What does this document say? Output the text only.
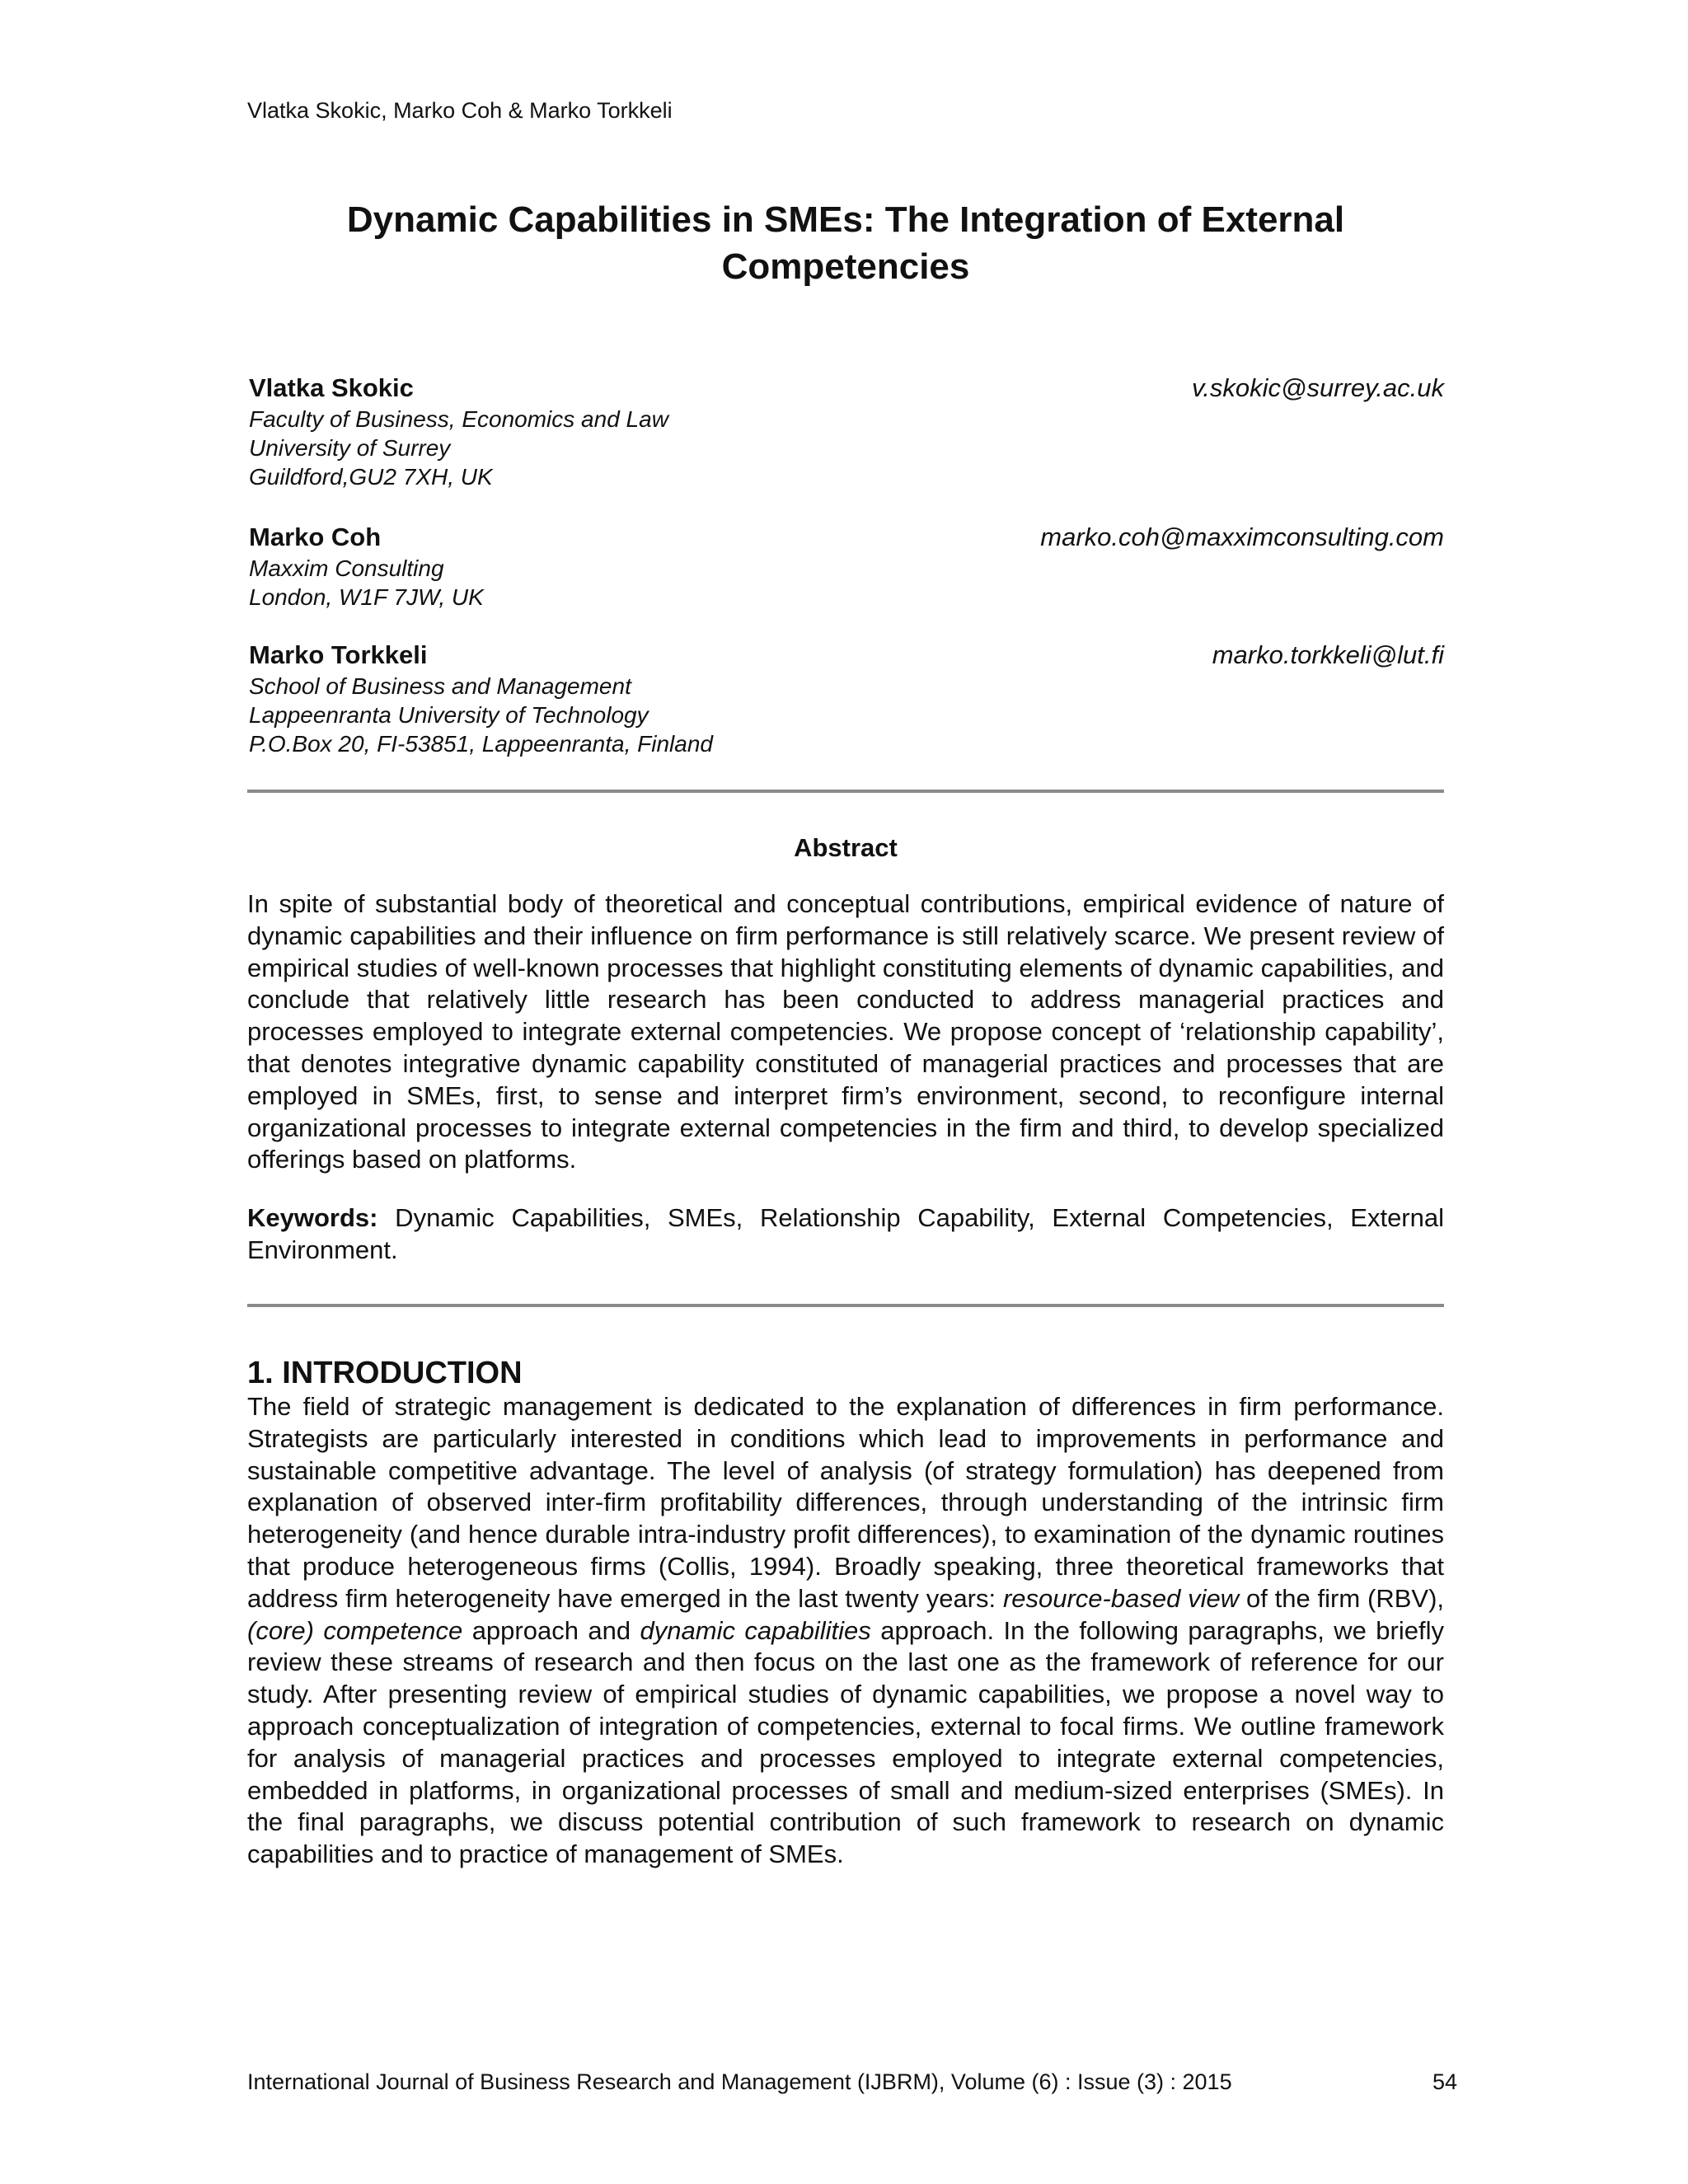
Vlatka Skokic, Marko Coh & Marko Torkkeli
Dynamic Capabilities in SMEs: The Integration of External
Competencies
Vlatka Skokic	v.skokic@surrey.ac.uk
Faculty of Business, Economics and Law
University of Surrey
Guildford,GU2 7XH, UK
Marko Coh	marko.coh@maxximconsulting.com
Maxxim Consulting
London, W1F 7JW, UK
Marko Torkkeli	marko.torkkeli@lut.fi
School of Business and Management
Lappeenranta University of Technology
P.O.Box 20, FI-53851, Lappeenranta, Finland
Abstract
In spite of substantial body of theoretical and conceptual contributions, empirical evidence of nature of dynamic capabilities and their influence on firm performance is still relatively scarce. We present review of empirical studies of well-known processes that highlight constituting elements of dynamic capabilities, and conclude that relatively little research has been conducted to address managerial practices and processes employed to integrate external competencies. We propose concept of ‘relationship capability’, that denotes integrative dynamic capability constituted of managerial practices and processes that are employed in SMEs, first, to sense and interpret firm’s environment, second, to reconfigure internal organizational processes to integrate external competencies in the firm and third, to develop specialized offerings based on platforms.
Keywords: Dynamic Capabilities, SMEs, Relationship Capability, External Competencies, External Environment.
1. INTRODUCTION
The field of strategic management is dedicated to the explanation of differences in firm performance. Strategists are particularly interested in conditions which lead to improvements in performance and sustainable competitive advantage. The level of analysis (of strategy formulation) has deepened from explanation of observed inter-firm profitability differences, through understanding of the intrinsic firm heterogeneity (and hence durable intra-industry profit differences), to examination of the dynamic routines that produce heterogeneous firms (Collis, 1994). Broadly speaking, three theoretical frameworks that address firm heterogeneity have emerged in the last twenty years: resource-based view of the firm (RBV), (core) competence approach and dynamic capabilities approach. In the following paragraphs, we briefly review these streams of research and then focus on the last one as the framework of reference for our study. After presenting review of empirical studies of dynamic capabilities, we propose a novel way to approach conceptualization of integration of competencies, external to focal firms. We outline framework for analysis of managerial practices and processes employed to integrate external competencies, embedded in platforms, in organizational processes of small and medium-sized enterprises (SMEs). In the final paragraphs, we discuss potential contribution of such framework to research on dynamic capabilities and to practice of management of SMEs.
International Journal of Business Research and Management (IJBRM), Volume (6) : Issue (3) : 2015	54
